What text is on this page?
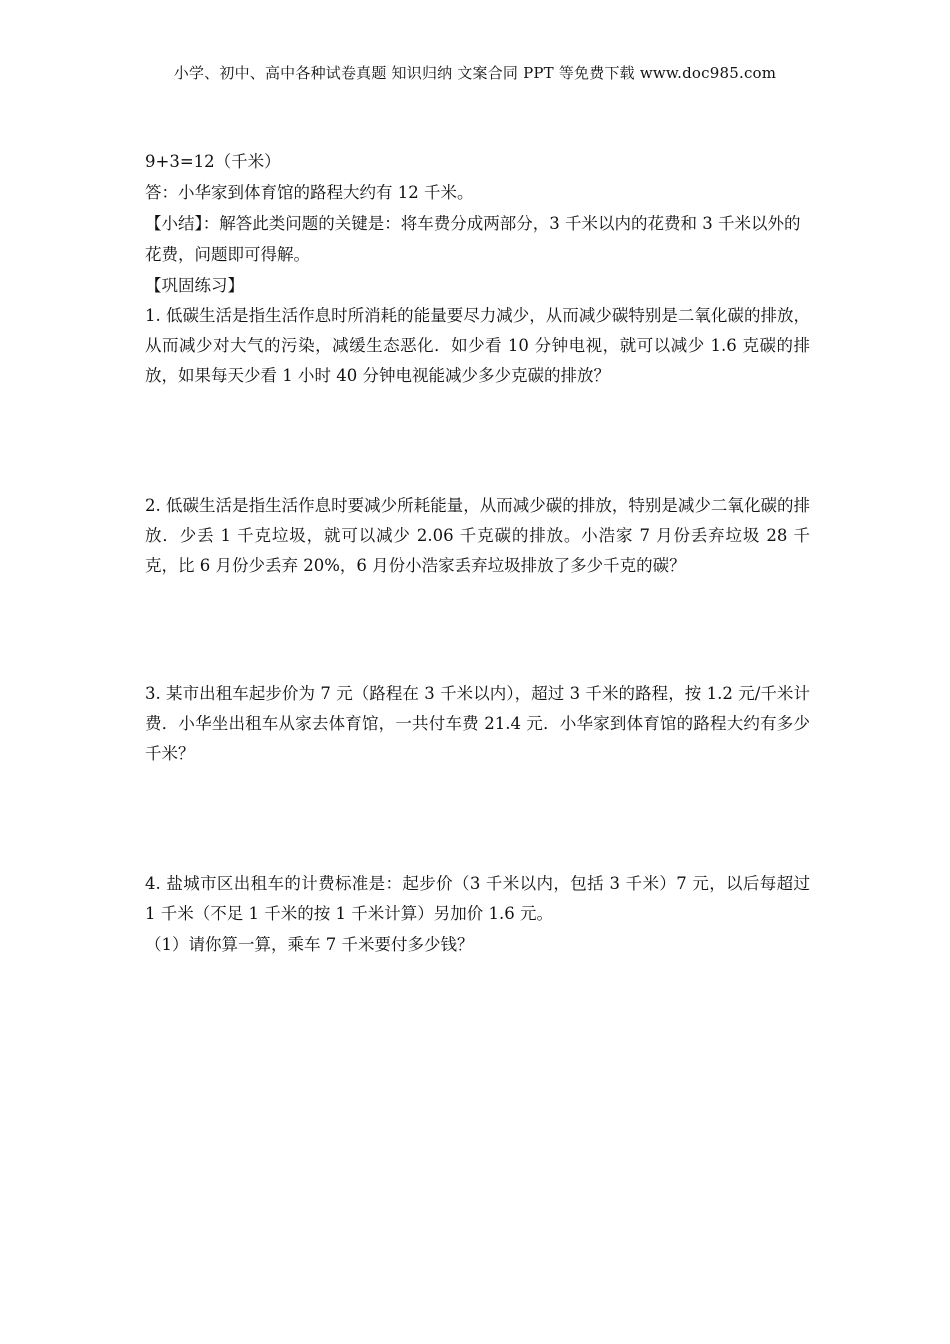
小学、初中、高中各种试卷真题 知识归纳 文案合同 PPT 等免费下载 www.doc985.com

9+3=12（千米）

答：小华家到体育馆的路程大约有 12 千米。

【小结】：解答此类问题的关键是：将车费分成两部分，3 千米以内的花费和 3 千米以外的花费，问题即可得解。

【巩固练习】

1. 低碳生活是指生活作息时所消耗的能量要尽力减少，从而减少碳特别是二氧化碳的排放，从而减少对大气的污染，减缓生态恶化．如少看 10 分钟电视，就可以减少 1.6 克碳的排放，如果每天少看 1 小时 40 分钟电视能减少多少克碳的排放？

2. 低碳生活是指生活作息时要减少所耗能量，从而减少碳的排放，特别是减少二氧化碳的排放．少丢 1 千克垃圾，就可以减少 2.06 千克碳的排放。小浩家 7 月份丢弃垃圾 28 千克，比 6 月份少丢弃 20%，6 月份小浩家丢弃垃圾排放了多少千克的碳？

3. 某市出租车起步价为 7 元（路程在 3 千米以内），超过 3 千米的路程，按 1.2 元/千米计费．小华坐出租车从家去体育馆，一共付车费 21.4 元．小华家到体育馆的路程大约有多少千米？

4. 盐城市区出租车的计费标准是：起步价（3 千米以内，包括 3 千米）7 元，以后每超过 1 千米（不足 1 千米的按 1 千米计算）另加价 1.6 元。

（1）请你算一算，乘车 7 千米要付多少钱？
